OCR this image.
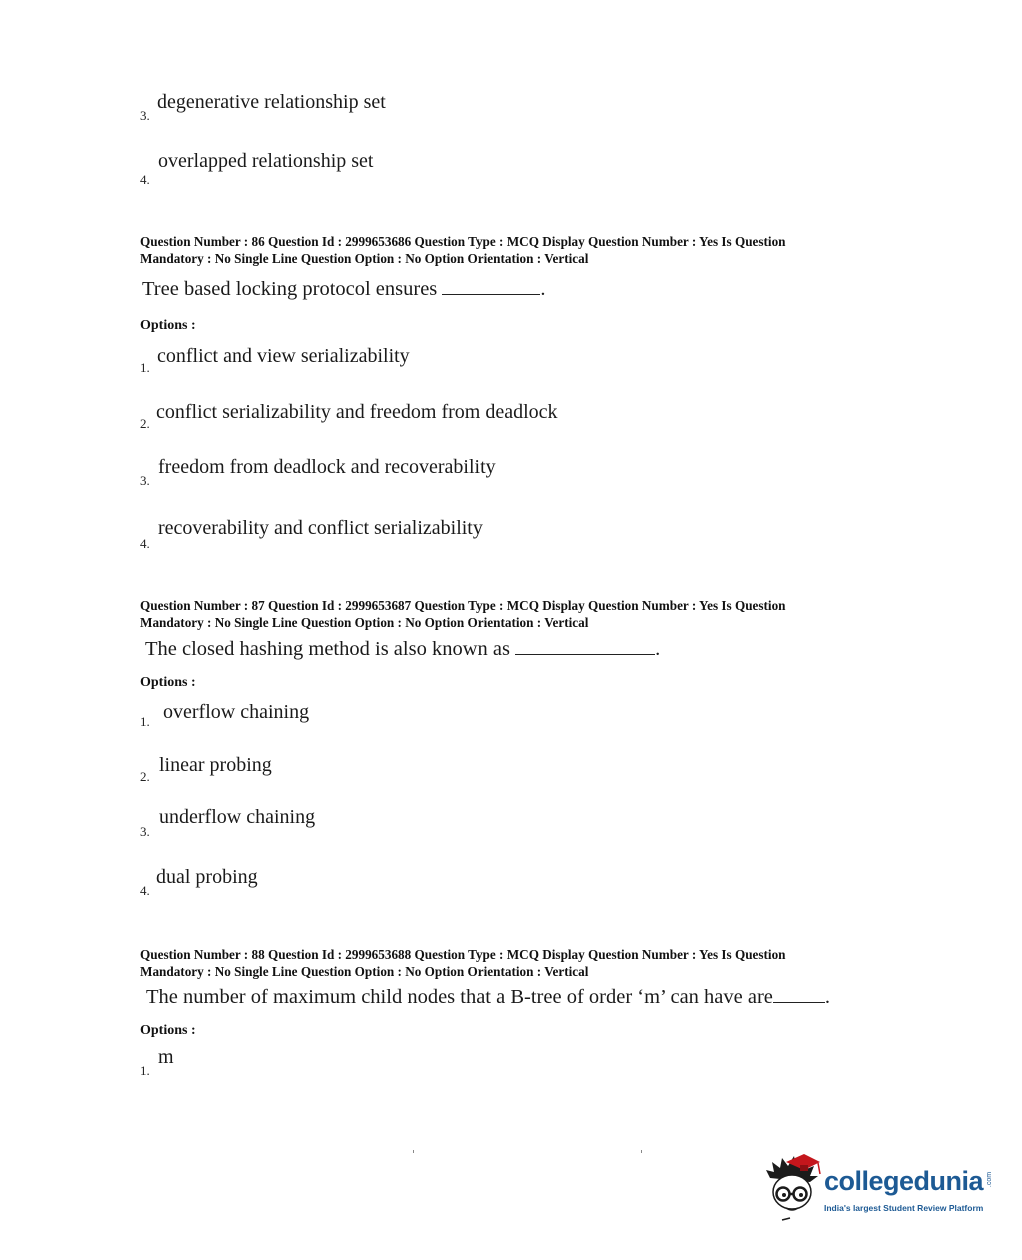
degenerative relationship set
3.
overlapped relationship set
4.
Question Number : 86 Question Id : 2999653686 Question Type : MCQ Display Question Number : Yes Is Question
Mandatory : No Single Line Question Option : No Option Orientation : Vertical
Tree based locking protocol ensures	.
Options :
conflict and view serializability
1.
conflict serializability and freedom from deadlock
2.
freedom from deadlock and recoverability
3.
recoverability and conflict serializability
4.
Question Number : 87 Question Id : 2999653687 Question Type : MCQ Display Question Number : Yes Is Question
Mandatory : No Single Line Question Option : No Option Orientation : Vertical
The closed hashing method is also known as	.
Options :
overflow chaining
1.
linear probing
2.
underflow chaining
3.
dual probing
4.
Question Number : 88 Question Id : 2999653688 Question Type : MCQ Display Question Number : Yes Is Question
Mandatory : No Single Line Question Option : No Option Orientation : Vertical
The number of maximum child nodes that a B-tree of order ‘m’ can have are	.
Options :
m
1.
collegedunia .com
India's largest Student Review Platform
